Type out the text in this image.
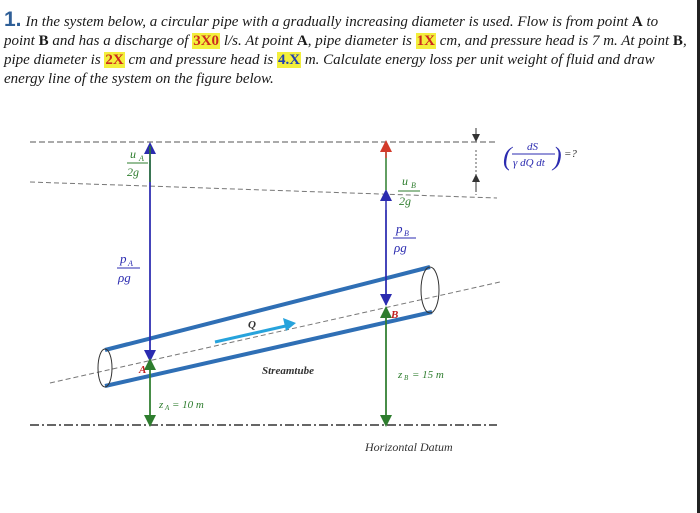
1. In the system below, a circular pipe with a gradually increasing diameter is used. Flow is from point A to point B and has a discharge of 3X0 l/s. At point A, pipe diameter is 1X cm, and pressure head is 7 m. At point B, pipe diameter is 2X cm and pressure head is 4.X m. Calculate energy loss per unit weight of fluid and draw energy line of the system on the figure below.
Q
Horizontal Datum
A
u A
2g
p A
ρg
z A = 10 m
B
u B
2g
p B
ρg
z B = 15 m
Streamtube
( dS
γ dQ dt ) =?
